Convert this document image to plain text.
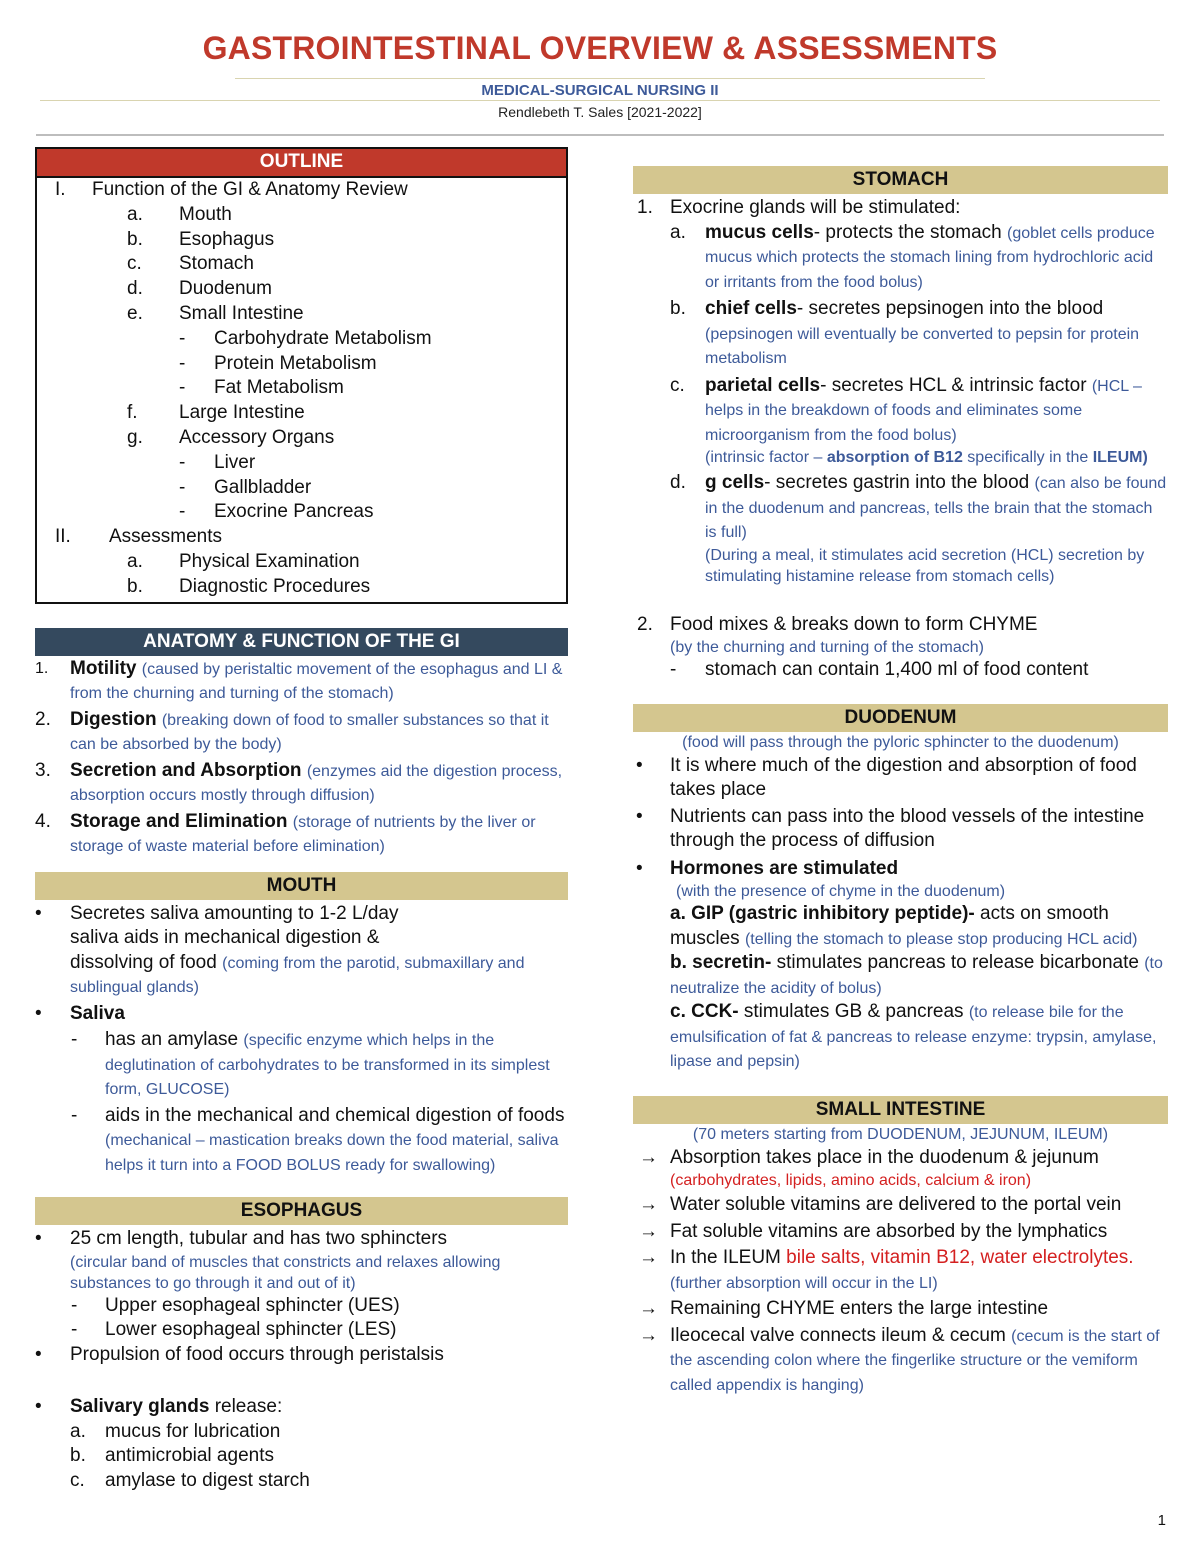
GASTROINTESTINAL OVERVIEW & ASSESSMENTS
MEDICAL-SURGICAL NURSING II
Rendlebeth T. Sales [2021-2022]
OUTLINE
I. Function of the GI & Anatomy Review
a. Mouth
b. Esophagus
c. Stomach
d. Duodenum
e. Small Intestine
- Carbohydrate Metabolism
- Protein Metabolism
- Fat Metabolism
f. Large Intestine
g. Accessory Organs
- Liver
- Gallbladder
- Exocrine Pancreas
II. Assessments
a. Physical Examination
b. Diagnostic Procedures
ANATOMY & FUNCTION OF THE GI
1. Motility (caused by peristaltic movement of the esophagus and LI & from the churning and turning of the stomach)
2. Digestion (breaking down of food to smaller substances so that it can be absorbed by the body)
3. Secretion and Absorption (enzymes aid the digestion process, absorption occurs mostly through diffusion)
4. Storage and Elimination (storage of nutrients by the liver or storage of waste material before elimination)
MOUTH
• Secretes saliva amounting to 1-2 L/day
saliva aids in mechanical digestion &
dissolving of food (coming from the parotid, submaxillary and sublingual glands)
• Saliva
- has an amylase (specific enzyme which helps in the deglutination of carbohydrates to be transformed in its simplest form, GLUCOSE)
- aids in the mechanical and chemical digestion of foods (mechanical – mastication breaks down the food material, saliva helps it turn into a FOOD BOLUS ready for swallowing)
ESOPHAGUS
• 25 cm length, tubular and has two sphincters
(circular band of muscles that constricts and relaxes allowing substances to go through it and out of it)
- Upper esophageal sphincter (UES)
- Lower esophageal sphincter (LES)
• Propulsion of food occurs through peristalsis
• Salivary glands release:
a. mucus for lubrication
b. antimicrobial agents
c. amylase to digest starch
STOMACH
1. Exocrine glands will be stimulated:
a. mucus cells- protects the stomach (goblet cells produce mucus which protects the stomach lining from hydrochloric acid or irritants from the food bolus)
b. chief cells- secretes pepsinogen into the blood (pepsinogen will eventually be converted to pepsin for protein metabolism
c. parietal cells- secretes HCL & intrinsic factor (HCL – helps in the breakdown of foods and eliminates some microorganism from the food bolus)
(intrinsic factor – absorption of B12 specifically in the ILEUM)
d. g cells- secretes gastrin into the blood (can also be found in the duodenum and pancreas, tells the brain that the stomach is full)
(During a meal, it stimulates acid secretion (HCL) secretion by stimulating histamine release from stomach cells)
2. Food mixes & breaks down to form CHYME
(by the churning and turning of the stomach)
- stomach can contain 1,400 ml of food content
DUODENUM
(food will pass through the pyloric sphincter to the duodenum)
• It is where much of the digestion and absorption of food takes place
• Nutrients can pass into the blood vessels of the intestine through the process of diffusion
• Hormones are stimulated
(with the presence of chyme in the duodenum)
a. GIP (gastric inhibitory peptide)- acts on smooth muscles (telling the stomach to please stop producing HCL acid)
b. secretin- stimulates pancreas to release bicarbonate (to neutralize the acidity of bolus)
c. CCK- stimulates GB & pancreas (to release bile for the emulsification of fat & pancreas to release enzyme: trypsin, amylase, lipase and pepsin)
SMALL INTESTINE
(70 meters starting from DUODENUM, JEJUNUM, ILEUM)
→ Absorption takes place in the duodenum & jejunum
(carbohydrates, lipids, amino acids, calcium & iron)
→ Water soluble vitamins are delivered to the portal vein
→ Fat soluble vitamins are absorbed by the lymphatics
→ In the ILEUM bile salts, vitamin B12, water electrolytes. (further absorption will occur in the LI)
→ Remaining CHYME enters the large intestine
→ Ileocecal valve connects ileum & cecum (cecum is the start of the ascending colon where the fingerlike structure or the vemiform called appendix is hanging)
1
